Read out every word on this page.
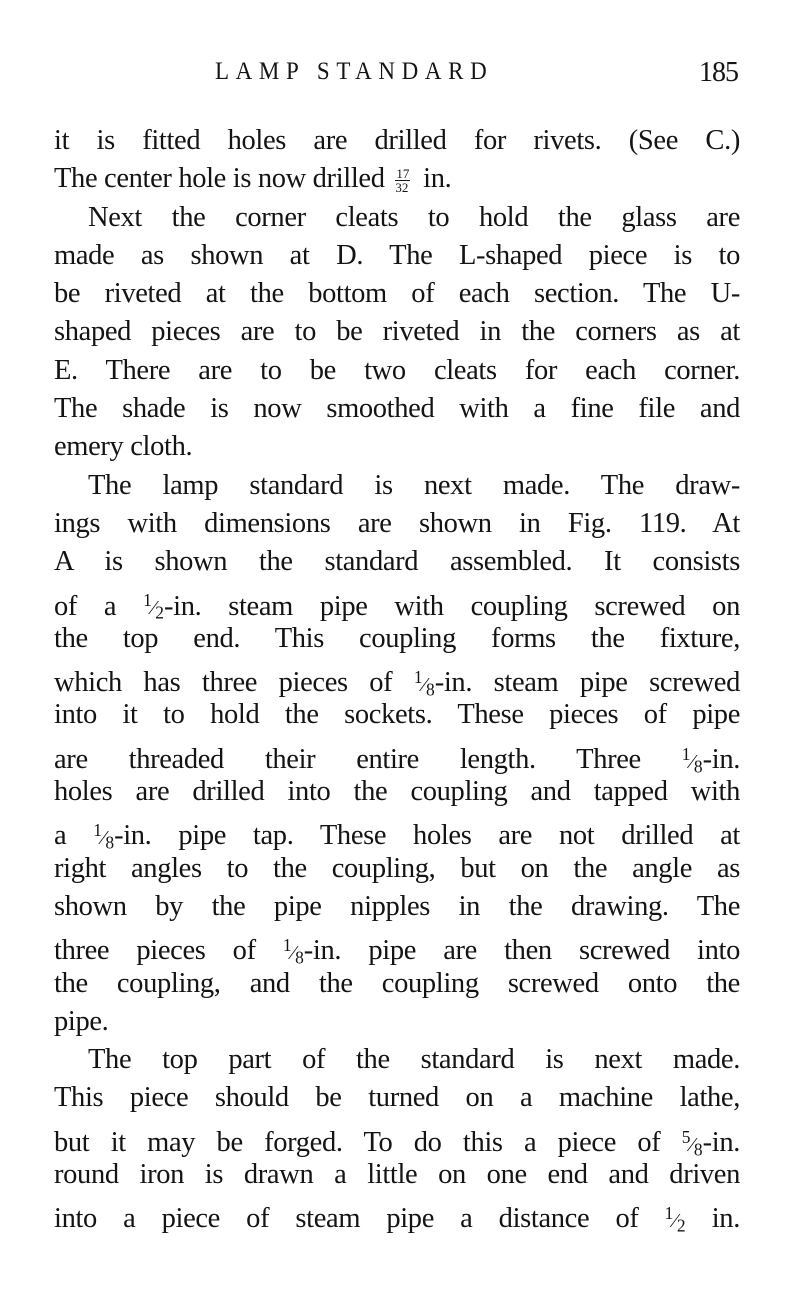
LAMP STANDARD	185
it is fitted holes are drilled for rivets. (See C.)
The center hole is now drilled $\frac{17}{32}$ in.
Next the corner cleats to hold the glass are
made as shown at D. The L-shaped piece is to
be riveted at the bottom of each section. The U-
shaped pieces are to be riveted in the corners as at
E. There are to be two cleats for each corner.
The shade is now smoothed with a fine file and
emery cloth.
The lamp standard is next made. The draw-
ings with dimensions are shown in Fig. 119. At
A is shown the standard assembled. It consists
of a $^1⁄_2-in$. steam pipe with coupling screwed on
the top end. This coupling forms the fixture,
which has three pieces of $^1⁄_8-in$. steam pipe screwed
into it to hold the sockets. These pieces of pipe
are threaded their entire length. Three $^1⁄_8-in$.
holes are drilled into the coupling and tapped with
a $^1⁄_8-in$. pipe tap. These holes are not drilled at
right angles to the coupling, but on the angle as
shown by the pipe nipples in the drawing. The
three pieces of $^1⁄_8-in$. pipe are then screwed into
the coupling, and the coupling screwed onto the
pipe.
The top part of the standard is next made.
This piece should be turned on a machine lathe,
but it may be forged. To do this a piece of $^5⁄_8-in$.
round iron is drawn a little on one end and driven
into a piece of steam pipe a distance of $^1⁄_2$ in.
